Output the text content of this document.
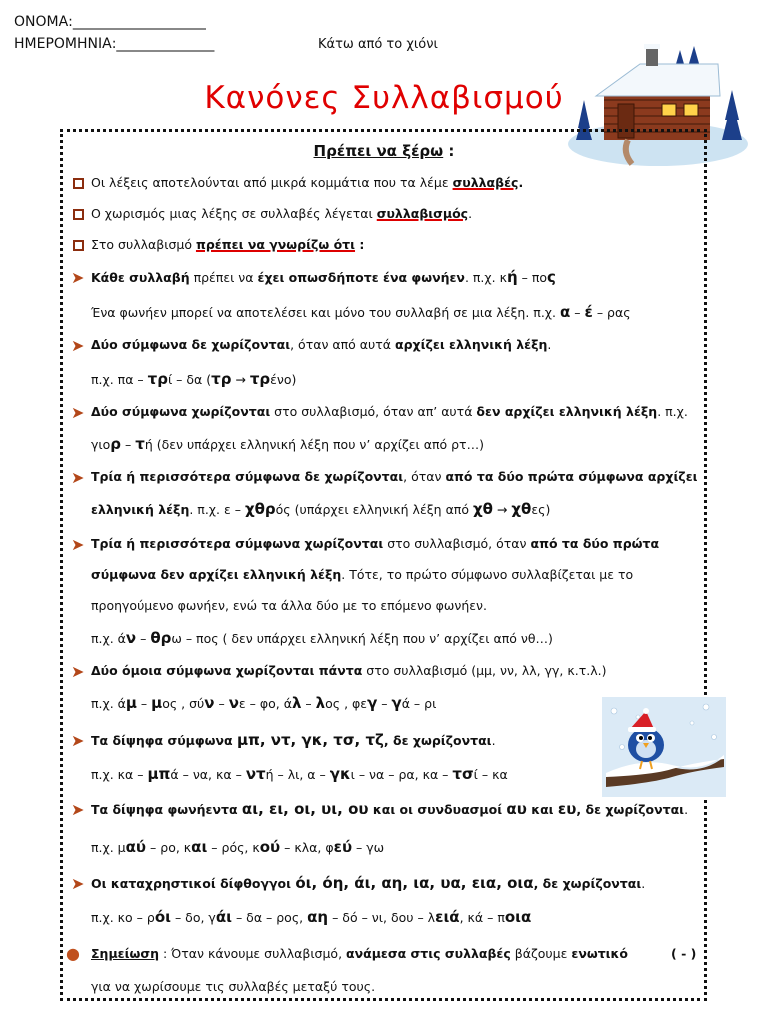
ΟΝΟΜΑ:___________________
ΗΜΕΡΟΜΗΝΙΑ:______________	Κάτω από το χιόνι
Κανόνες Συλλαβισμού
Πρέπει να ξέρω :
Οι λέξεις αποτελούνται από μικρά κομμάτια που τα λέμε συλλαβές.
Ο χωρισμός μιας λέξης σε συλλαβές λέγεται συλλαβισμός.
Στο συλλαβισμό πρέπει να γνωρίζω ότι :
➤ Κάθε συλλαβή πρέπει να έχει οπωσδήποτε ένα φωνήεν. π.χ. κή – πος
Ένα φωνήεν μπορεί να αποτελέσει και μόνο του συλλαβή σε μια λέξη. π.χ. α – έ – ρας
➤ Δύο σύμφωνα δε χωρίζονται, όταν από αυτά αρχίζει ελληνική λέξη.
π.χ. πα – τρί – δα (τρ → τρένο)
➤ Δύο σύμφωνα χωρίζονται στο συλλαβισμό, όταν απ’ αυτά δεν αρχίζει ελληνική λέξη. π.χ.
γιορ – τή (δεν υπάρχει ελληνική λέξη που ν’ αρχίζει από ρτ…)
➤ Τρία ή περισσότερα σύμφωνα δε χωρίζονται, όταν από τα δύο πρώτα σύμφωνα αρχίζει
ελληνική λέξη. π.χ. ε – χθρός (υπάρχει ελληνική λέξη από χθ → χθες)
➤ Τρία ή περισσότερα σύμφωνα χωρίζονται στο συλλαβισμό, όταν από τα δύο πρώτα
σύμφωνα δεν αρχίζει ελληνική λέξη. Τότε, το πρώτο σύμφωνο συλλαβίζεται με το
προηγούμενο φωνήεν, ενώ τα άλλα δύο με το επόμενο φωνήεν.
π.χ. άν – θρω – πος ( δεν υπάρχει ελληνική λέξη που ν’ αρχίζει από νθ…)
➤ Δύο όμοια σύμφωνα χωρίζονται πάντα στο συλλαβισμό (μμ, νν, λλ, γγ, κ.τ.λ.)
π.χ. άμ – μος , σύν – νε – φο, άλ – λος , φεγ – γά – ρι
➤ Τα δίψηφα σύμφωνα μπ, ντ, γκ, τσ, τζ, δε χωρίζονται.
π.χ. κα – μπά – να, κα – ντή – λι, α – γκι – να – ρα, κα – τσί – κα
➤ Τα δίψηφα φωνήεντα αι, ει, οι, υι, ου και οι συνδυασμοί αυ και ευ, δε χωρίζονται.
π.χ. μαύ – ρο, και – ρός, κού – κλα, φεύ – γω
➤ Οι καταχρηστικοί δίφθογγοι όι, όη, άι, αη, ια, υα, εια, οια, δε χωρίζονται.
π.χ. κο – ρόι – δο, γάι – δα – ρος, αη – δό – νι, δου – λειά, κά – ποια
● Σημείωση : Όταν κάνουμε συλλαβισμό, ανάμεσα στις συλλαβές βάζουμε ενωτικό	( - )
για να χωρίσουμε τις συλλαβές μεταξύ τους.
